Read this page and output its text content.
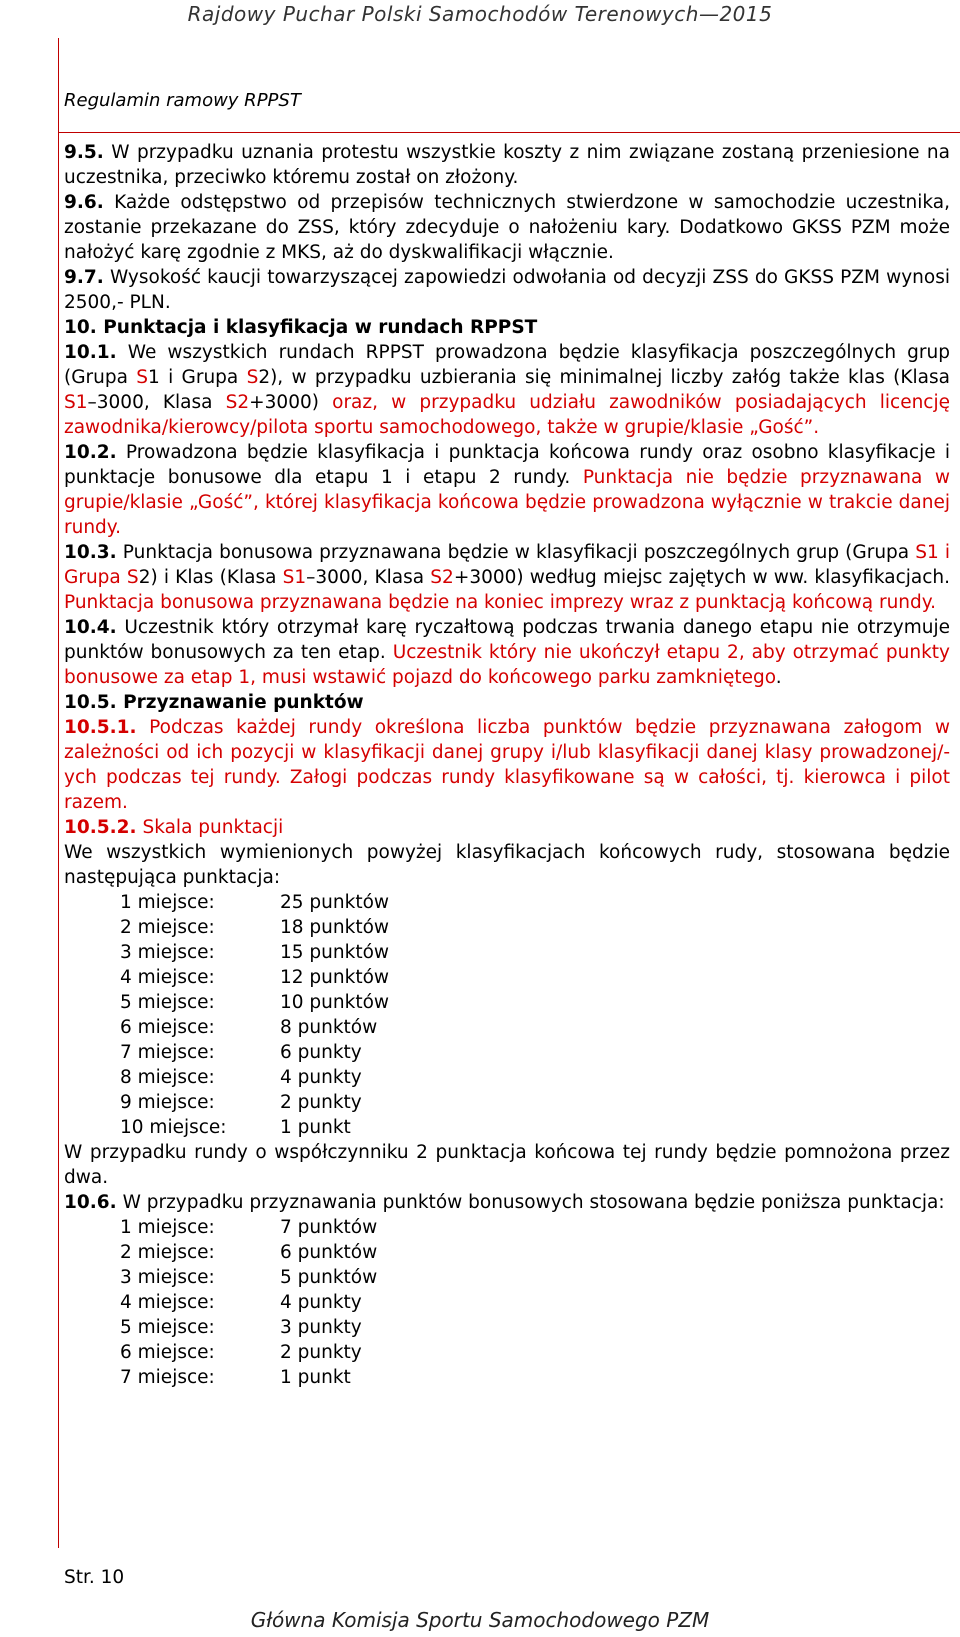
Rajdowy Puchar Polski Samochodów Terenowych—2015
Regulamin ramowy RPPST

9.5. W przypadku uznania protestu wszystkie koszty z nim związane zostaną przeniesione na uczestnika, przeciwko któremu został on złożony.

9.6. Każde odstępstwo od przepisów technicznych stwierdzone w samochodzie uczestnika, zostanie przekazane do ZSS, który zdecyduje o nałożeniu kary. Dodatkowo GKSS PZM może nałożyć karę zgodnie z MKS, aż do dyskwalifikacji włącznie.

9.7. Wysokość kaucji towarzyszącej zapowiedzi odwołania od decyzji ZSS do GKSS PZM wynosi 2500,- PLN.

10. Punktacja i klasyfikacja w rundach RPPST

10.1. We wszystkich rundach RPPST prowadzona będzie klasyfikacja poszczególnych grup (Grupa S1 i Grupa S2), w przypadku uzbierania się minimalnej liczby załóg także klas (Klasa S1–3000, Klasa S2+3000) oraz, w przypadku udziału zawodników posiadających licencję zawodnika/kierowcy/pilota sportu samochodowego, także w grupie/klasie „Gość”.

10.2. Prowadzona będzie klasyfikacja i punktacja końcowa rundy oraz osobno klasyfikacje i punktacje bonusowe dla etapu 1 i etapu 2 rundy. Punktacja nie będzie przyznawana w grupie/klasie „Gość”, której klasyfikacja końcowa będzie prowadzona wyłącznie w trakcie danej rundy.

10.3. Punktacja bonusowa przyznawana będzie w klasyfikacji poszczególnych grup (Grupa S1 i Grupa S2) i Klas (Klasa S1–3000, Klasa S2+3000) według miejsc zajętych w ww. klasyfikacjach. Punktacja bonusowa przyznawana będzie na koniec imprezy wraz z punktacją końcową rundy.

10.4. Uczestnik który otrzymał karę ryczałtową podczas trwania danego etapu nie otrzymuje punktów bonusowych za ten etap. Uczestnik który nie ukończył etapu 2, aby otrzymać punkty bonusowe za etap 1, musi wstawić pojazd do końcowego parku zamkniętego.

10.5. Przyznawanie punktów

10.5.1. Podczas każdej rundy określona liczba punktów będzie przyznawana załogom w zależności od ich pozycji w klasyfikacji danej grupy i/lub klasyfikacji danej klasy prowadzonej/-ych podczas tej rundy. Załogi podczas rundy klasyfikowane są w całości, tj. kierowca i pilot razem.

10.5.2. Skala punktacji

We wszystkich wymienionych powyżej klasyfikacjach końcowych rudy, stosowana będzie następująca punktacja:

1 miejsce:	25 punktów
2 miejsce:	18 punktów
3 miejsce:	15 punktów
4 miejsce:	12 punktów
5 miejsce:	10 punktów
6 miejsce:	8 punktów
7 miejsce:	6 punkty
8 miejsce:	4 punkty
9 miejsce:	2 punkty
10 miejsce:	1 punkt

W przypadku rundy o współczynniku 2 punktacja końcowa tej rundy będzie pomnożona przez dwa.

10.6. W przypadku przyznawania punktów bonusowych stosowana będzie poniższa punktacja:

1 miejsce:	7 punktów
2 miejsce:	6 punktów
3 miejsce:	5 punktów
4 miejsce:	4 punkty
5 miejsce:	3 punkty
6 miejsce:	2 punkty
7 miejsce:	1 punkt
Str. 10
Główna Komisja Sportu Samochodowego PZM
